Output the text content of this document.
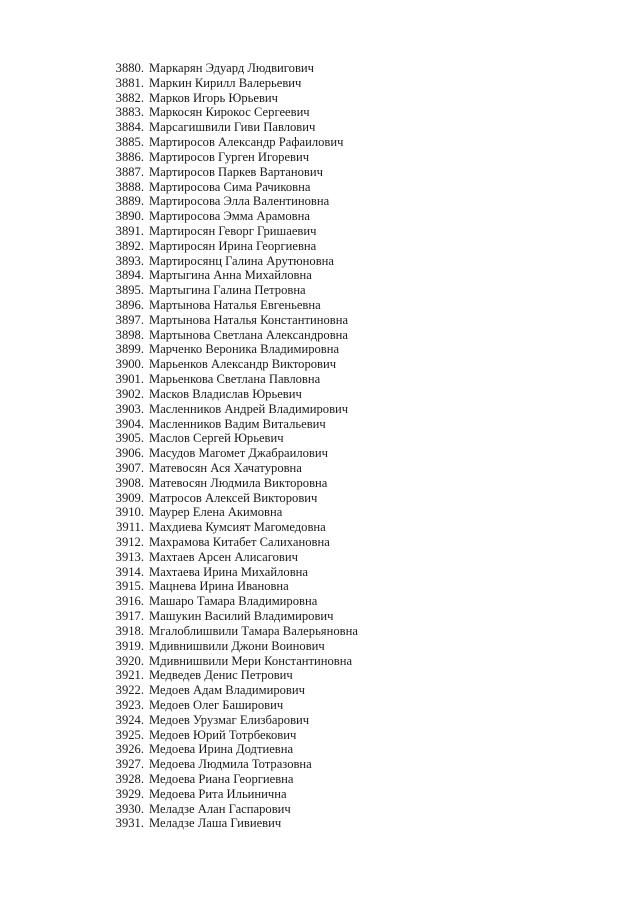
3880. Маркарян Эдуард Людвигович
3881. Маркин Кирилл Валерьевич
3882. Марков Игорь Юрьевич
3883. Маркосян Кирокос Сергеевич
3884. Марсагишвили Гиви Павлович
3885. Мартиросов Александр Рафаилович
3886. Мартиросов Гурген Игоревич
3887. Мартиросов Паркев Вартанович
3888. Мартиросова Сима Рачиковна
3889. Мартиросова Элла Валентиновна
3890. Мартиросова Эмма Арамовна
3891. Мартиросян Геворг Гришаевич
3892. Мартиросян Ирина Георгиевна
3893. Мартиросянц Галина Арутюновна
3894. Мартыгина Анна Михайловна
3895. Мартыгина Галина Петровна
3896. Мартынова Наталья Евгеньевна
3897. Мартынова Наталья Константиновна
3898. Мартынова Светлана Александровна
3899. Марченко Вероника Владимировна
3900. Марьенков Александр Викторович
3901. Марьенкова Светлана Павловна
3902. Масков Владислав Юрьевич
3903. Масленников Андрей Владимирович
3904. Масленников Вадим Витальевич
3905. Маслов Сергей Юрьевич
3906. Масудов Магомет Джабраилович
3907. Матевосян Ася Хачатуровна
3908. Матевосян Людмила Викторовна
3909. Матросов Алексей Викторович
3910. Маурер Елена Акимовна
3911. Махдиева Кумсият Магомедовна
3912. Махрамова Китабет Салихановна
3913. Махтаев Арсен Алисагович
3914. Махтаева Ирина Михайловна
3915. Мацнева Ирина Ивановна
3916. Машаро Тамара Владимировна
3917. Машукин Василий Владимирович
3918. Мгалоблишвили Тамара Валерьяновна
3919. Мдивнишвили Джони Воинович
3920. Мдивнишвили Мери Константиновна
3921. Медведев Денис Петрович
3922. Медоев Адам Владимирович
3923. Медоев Олег Баширович
3924. Медоев Урузмаг Елизбарович
3925. Медоев Юрий Тотрбекович
3926. Медоева Ирина Додтиевна
3927. Медоева Людмила Тотразовна
3928. Медоева Риана Георгиевна
3929. Медоева Рита Ильинична
3930. Меладзе Алан Гаспарович
3931. Меладзе Лаша Гивиевич
